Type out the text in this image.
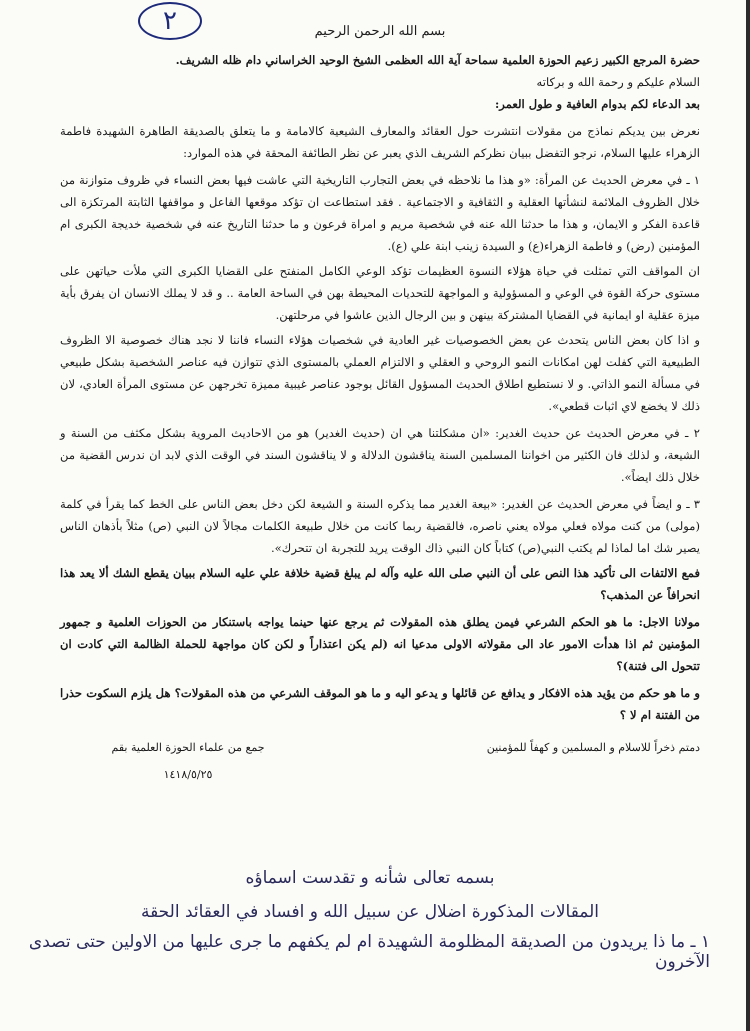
٢	بسم الله الرحمن الرحيم

حضرة المرجع الكبير زعيم الحوزة العلمية سماحة آية الله العظمى الشيخ الوحيد الخراساني دام ظله الشريف.

السلام عليكم و رحمة الله و بركاته

بعد الدعاء لكم بدوام العافية و طول العمر:

نعرض بين يديكم نماذج من مقولات انتشرت حول العقائد والمعارف الشيعية كالامامة و ما يتعلق بالصديقة الطاهرة الشهيدة فاطمة الزهراء عليها السلام، نرجو التفضل ببيان نظركم الشريف الذي يعبر عن نظر الطائفة المحقة في هذه الموارد:

١ ـ في معرض الحديث عن المرأة: «و هذا ما نلاحظه في بعض التجارب التاريخية التي عاشت فيها بعض النساء في ظروف متوازنة من خلال الظروف الملائمة لنشأتها العقلية و الثقافية و الاجتماعية . فقد استطاعت ان تؤكد موقعها الفاعل و مواقفها الثابتة المرتكزة الى قاعدة الفكر و الايمان، و هذا ما حدثنا الله عنه في شخصية مريم و امراة فرعون و ما حدثنا التاريخ عنه في شخصية خديجة الكبرى ام المؤمنين (رض) و فاطمة الزهراء(ع) و السيدة زينب ابنة علي (ع).

ان المواقف التي تمثلت في حياة هؤلاء النسوة العظيمات تؤكد الوعي الكامل المنفتح على القضايا الكبرى التي ملأت حياتهن على مستوى حركة القوة في الوعي و المسؤولية و المواجهة للتحديات المحيطة بهن في الساحة العامة .. و قد لا يملك الانسان ان يفرق بأية ميزة عقلية او ايمانية في القضايا المشتركة بينهن و بين الرجال الذين عاشوا في مرحلتهن.

و اذا كان بعض الناس يتحدث عن بعض الخصوصيات غير العادية في شخصيات هؤلاء النساء فاننا لا نجد هناك خصوصية الا الظروف الطبيعية التي كفلت لهن امكانات النمو الروحي و العقلي و الالتزام العملي بالمستوى الذي تتوازن فيه عناصر الشخصية بشكل طبيعي في مسألة النمو الذاتي. و لا نستطيع اطلاق الحديث المسؤول القائل بوجود عناصر غيبية مميزة تخرجهن عن مستوى المرأة العادي، لان ذلك لا يخضع لاي اثبات قطعي».

٢ ـ في معرض الحديث عن حديث الغدير: «ان مشكلتنا هي ان (حديث الغدير) هو من الاحاديث المروية بشكل مكثف من السنة و الشيعة، و لذلك فان الكثير من اخواننا المسلمين السنة يناقشون الدلالة و لا يناقشون السند في الوقت الذي لابد ان ندرس القضية من خلال ذلك ايضاً».

٣ ـ و ايضاً في معرض الحديث عن الغدير: «بيعة الغدير مما يذكره السنة و الشيعة لكن دخل بعض الناس على الخط كما يقرأ في كلمة (مولى) من كنت مولاه فعلي مولاه يعني ناصره، فالقضية ربما كانت من خلال طبيعة الكلمات مجالاً لان النبي (ص) مثلاً بأذهان الناس يصير شك اما لماذا لم يكتب النبي(ص) كتاباً كان النبي ذاك الوقت يريد للتجربة ان تتحرك».

فمع الالتفات الى تأكيد هذا النص على أن النبي صلى الله عليه وآله لم يبلغ قضية خلافة علي عليه السلام ببيان يقطع الشك ألا يعد هذا انحرافاً عن المذهب؟

مولانا الاجل: ما هو الحكم الشرعي فيمن يطلق هذه المقولات ثم يرجع عنها حينما يواجه باستنكار من الحوزات العلمية و جمهور المؤمنين ثم اذا هدأت الامور عاد الى مقولاته الاولى مدعيا انه (لم يكن اعتذاراً و لكن كان مواجهة للحملة الظالمة التي كادت ان تتحول الى فتنة)؟

و ما هو حكم من يؤيد هذه الافكار و يدافع عن قائلها و يدعو اليه و ما هو الموقف الشرعي من هذه المقولات؟ هل يلزم السكوت حذرا من الفتنة ام لا ؟

دمتم ذخراً للاسلام و المسلمين و كهفاً للمؤمنين
جمع من علماء الحوزة العلمية بقم
١٤١٨/٥/٢٥
بسمه تعالى شأنه و تقدست اسماؤه
المقالات المذكورة اضلال عن سبيل الله و افساد في العقائد الحقة
١ ـ ما ذا يريدون من الصديقة المظلومة الشهيدة ام لم يكفهم ما جرى عليها من الاولين حتى تصدى الآخرون
